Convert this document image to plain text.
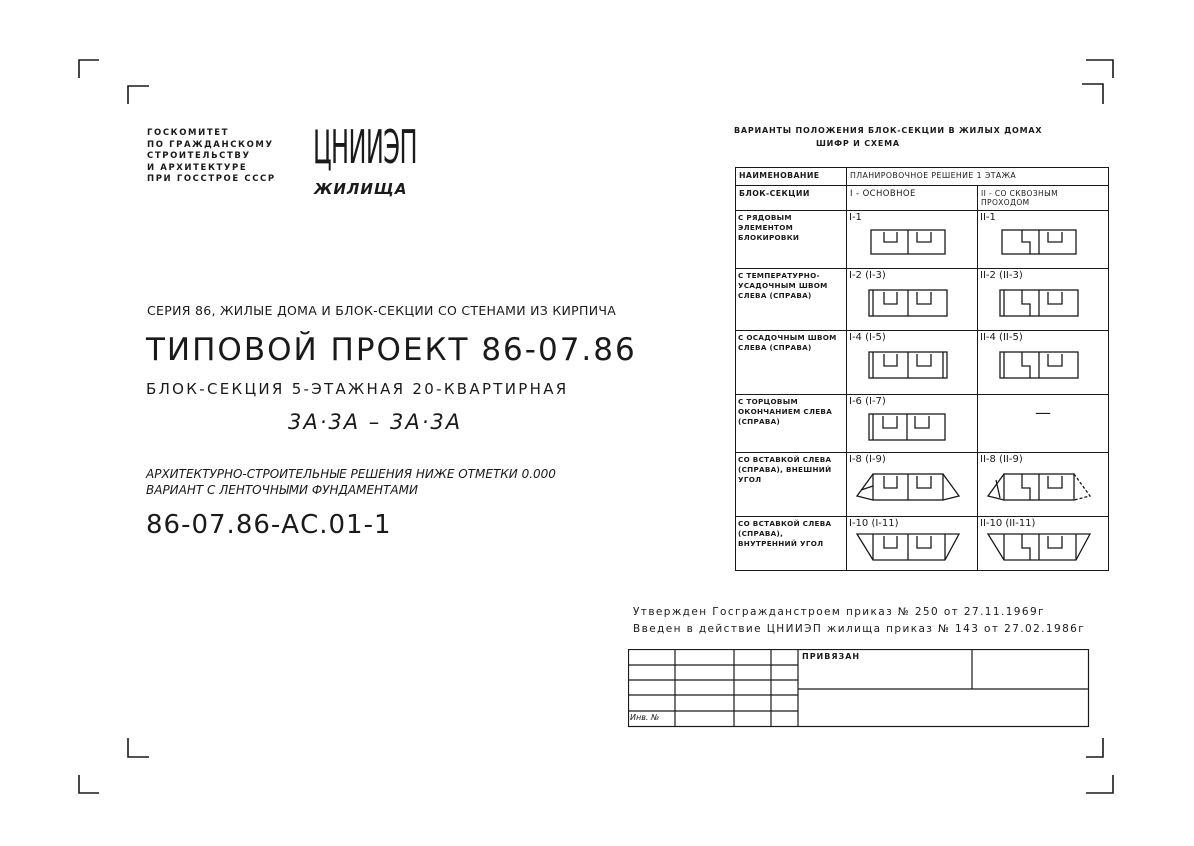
ГОСКОМИТЕТ
ПО ГРАЖДАНСКОМУ
СТРОИТЕЛЬСТВУ
И АРХИТЕКТУРЕ
ПРИ ГОССТРОЕ СССР
ЦНИИЭП
ЖИЛИЩА
СЕРИЯ 86, ЖИЛЫЕ ДОМА И БЛОК-СЕКЦИИ СО СТЕНАМИ ИЗ КИРПИЧА
ТИПОВОЙ ПРОЕКТ 86-07.86
БЛОК-СЕКЦИЯ 5-ЭТАЖНАЯ 20-КВАРТИРНАЯ
3А·3А – 3А·3А
АРХИТЕКТУРНО-СТРОИТЕЛЬНЫЕ РЕШЕНИЯ НИЖЕ ОТМЕТКИ 0.000
ВАРИАНТ С ЛЕНТОЧНЫМИ ФУНДАМЕНТАМИ
86-07.86-АС.01-1
ВАРИАНТЫ ПОЛОЖЕНИЯ БЛОК-СЕКЦИИ В ЖИЛЫХ ДОМАХ
ШИФР И СХЕМА
НАИМЕНОВАНИЕ	ПЛАНИРОВОЧНОЕ РЕШЕНИЕ 1 ЭТАЖА	
БЛОК-СЕКЦИИ	I - ОСНОВНОЕ	II - СО СКВОЗНЫМ ПРОХОДОМ
С РЯДОВЫМ ЭЛЕМЕНТОМ БЛОКИРОВКИ	I-1	II-1

С ТЕМПЕРАТУРНО-УСАДОЧНЫМ ШВОМ СЛЕВА (СПРАВА)	I-2 (I-3)	II-2 (II-3)

С ОСАДОЧНЫМ ШВОМ СЛЕВА (СПРАВА)	I-4 (I-5)	II-4 (II-5)

С ТОРЦОВЫМ ОКОНЧАНИЕМ СЛЕВА (СПРАВА)	I-6 (I-7)	—

СО ВСТАВКОЙ СЛЕВА (СПРАВА), ВНЕШНИЙ УГОЛ	I-8 (I-9)	II-8 (II-9)

СО ВСТАВКОЙ СЛЕВА (СПРАВА), ВНУТРЕННИЙ УГОЛ	I-10 (I-11)	II-10 (II-11)
Утвержден Госгражданстроем приказ № 250 от 27.11.1969г
Введен в действие ЦНИИЭП жилища приказ № 143 от 27.02.1986г
ПРИВЯЗАН
Инв. №
